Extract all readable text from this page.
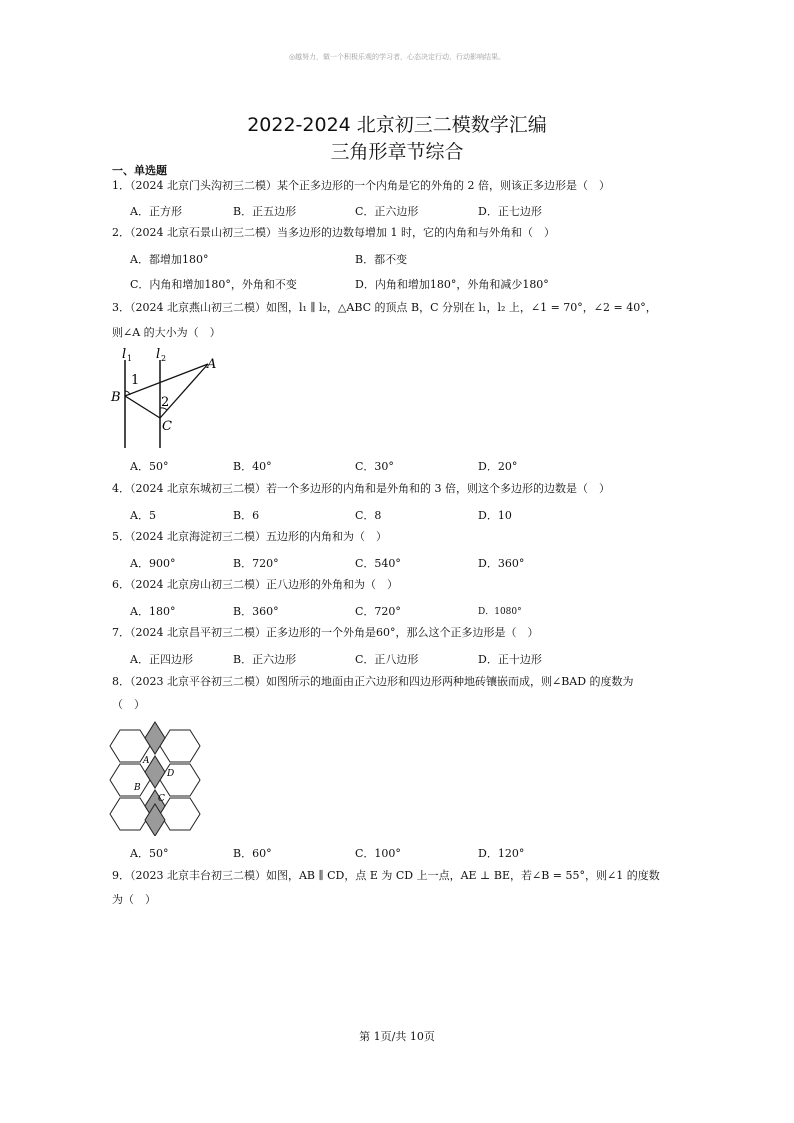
◎越努力，做一个积极乐观的学习者，心态决定行动，行动影响结果。
2022-2024 北京初三二模数学汇编
三角形章节综合
一、单选题
1．（2024 北京门头沟初三二模）某个正多边形的一个内角是它的外角的 2 倍，则该正多边形是（　）
A．正方形	B．正五边形	C．正六边形	D．正七边形
2．（2024 北京石景山初三二模）当多边形的边数每增加 1 时，它的内角和与外角和（　）
A．都增加180°	B．都不变
C．内角和增加180°，外角和不变	D．内角和增加180°，外角和减少180°
3．（2024 北京燕山初三二模）如图，l₁ ∥ l₂，△ABC 的顶点 B，C 分别在 l₁，l₂ 上，∠1 = 70°，∠2 = 40°，
则∠A 的大小为（　）
l 1 l 2	A
B
C
1
2
A．50°	B．40°	C．30°	D．20°
4．（2024 北京东城初三二模）若一个多边形的内角和是外角和的 3 倍，则这个多边形的边数是（　）
A．5	B．6	C．8	D．10
5．（2024 北京海淀初三二模）五边形的内角和为（　）
A．900°	B．720°	C．540°	D．360°
6．（2024 北京房山初三二模）正八边形的外角和为（　）
A．180°	B．360°	C．720°	D．1080°
7．（2024 北京昌平初三二模）正多边形的一个外角是60°，那么这个正多边形是（　）
A．正四边形	B．正六边形	C．正八边形	D．正十边形
8．（2023 北京平谷初三二模）如图所示的地面由正六边形和四边形两种地砖镶嵌而成，则∠BAD 的度数为
（　）
A
D
B
C
A．50°	B．60°	C．100°	D．120°
9．（2023 北京丰台初三二模）如图，AB ∥ CD，点 E 为 CD 上一点，AE ⊥ BE，若∠B = 55°，则∠1 的度数
为（　）
第 1页/共 10页
